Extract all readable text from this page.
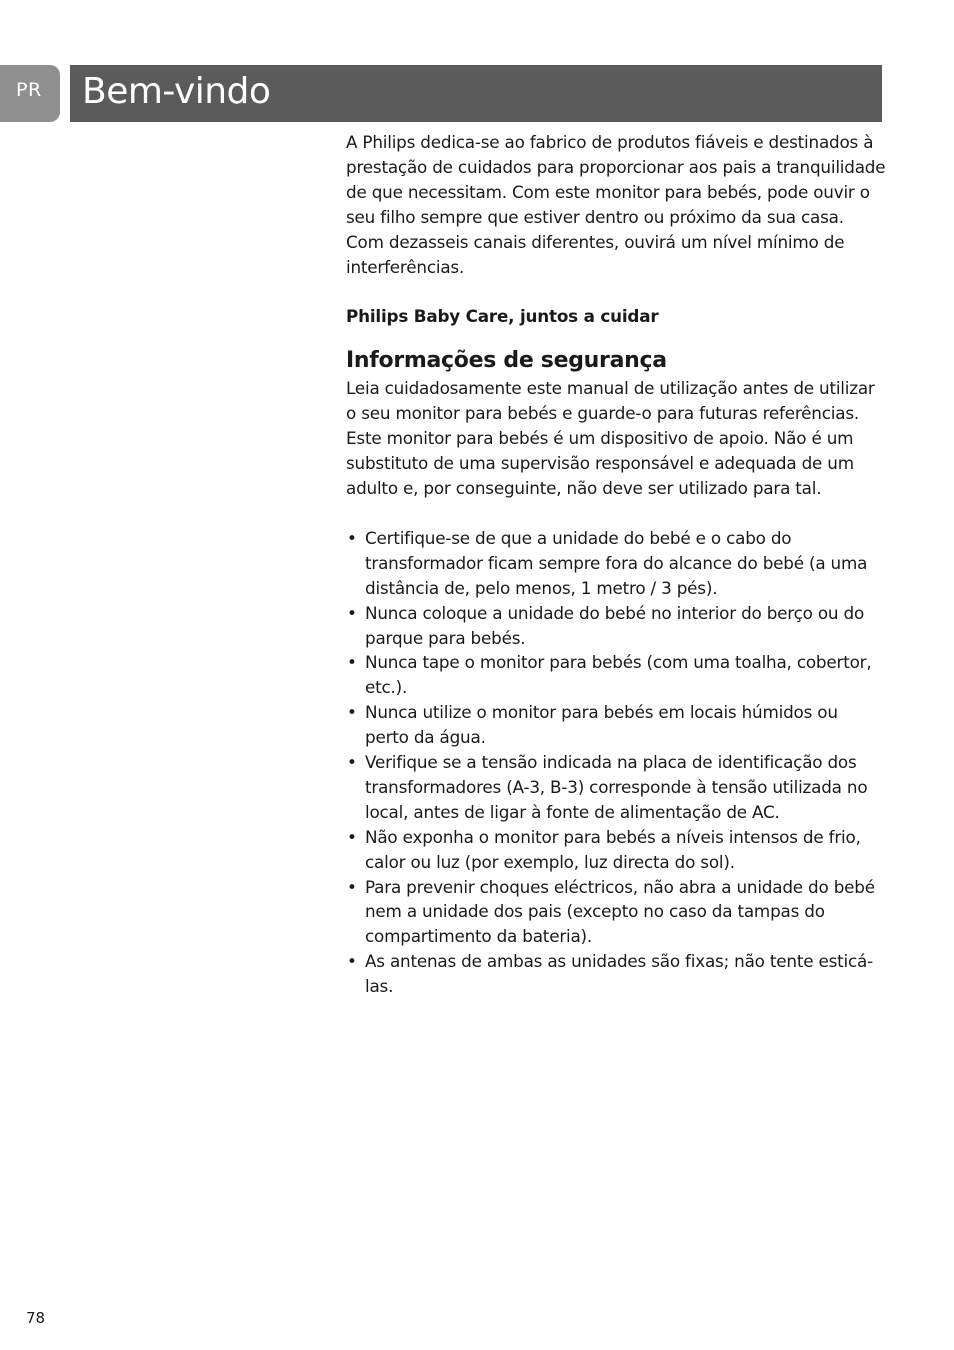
PR	Bem-vindo

A Philips dedica-se ao fabrico de produtos fiáveis e destinados à prestação de cuidados para proporcionar aos pais a tranquilidade de que necessitam. Com este monitor para bebés, pode ouvir o seu filho sempre que estiver dentro ou próximo da sua casa. Com dezasseis canais diferentes, ouvirá um nível mínimo de interferências.

Philips Baby Care, juntos a cuidar

Informações de segurança

Leia cuidadosamente este manual de utilização antes de utilizar o seu monitor para bebés e guarde-o para futuras referências. Este monitor para bebés é um dispositivo de apoio. Não é um substituto de uma supervisão responsável e adequada de um adulto e, por conseguinte, não deve ser utilizado para tal.

• Certifique-se de que a unidade do bebé e o cabo do transformador ficam sempre fora do alcance do bebé (a uma distância de, pelo menos, 1 metro / 3 pés).
• Nunca coloque a unidade do bebé no interior do berço ou do parque para bebés.
• Nunca tape o monitor para bebés (com uma toalha, cobertor, etc.).
• Nunca utilize o monitor para bebés em locais húmidos ou perto da água.
• Verifique se a tensão indicada na placa de identificação dos transformadores (A-3, B-3) corresponde à tensão utilizada no local, antes de ligar à fonte de alimentação de AC.
• Não exponha o monitor para bebés a níveis intensos de frio, calor ou luz (por exemplo, luz directa do sol).
• Para prevenir choques eléctricos, não abra a unidade do bebé nem a unidade dos pais (excepto no caso da tampas do compartimento da bateria).
• As antenas de ambas as unidades são fixas; não tente esticá-las.
78
